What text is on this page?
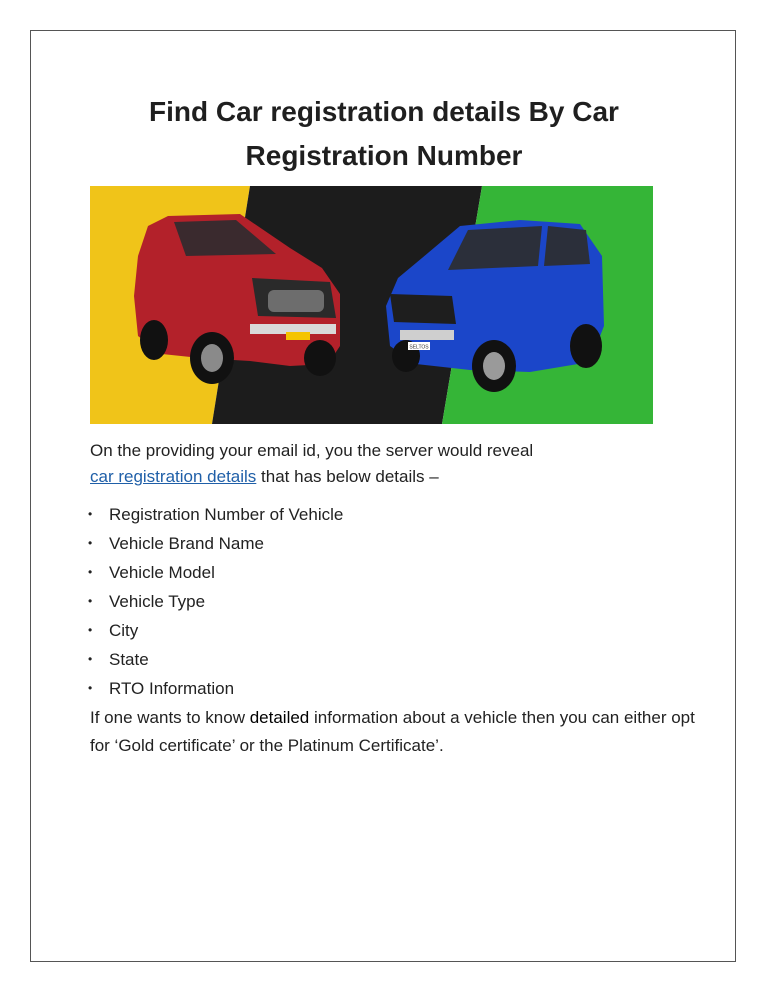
Find Car registration details By Car
Registration Number
SELTOS

On the providing your email id, you the server would reveal
car registration details that has below details –

• Registration Number of Vehicle
• Vehicle Brand Name
• Vehicle Model
• Vehicle Type
• City
• State
• RTO Information

If one wants to know detailed information about a vehicle then you can either opt for ‘Gold certificate’ or the Platinum Certificate’.
